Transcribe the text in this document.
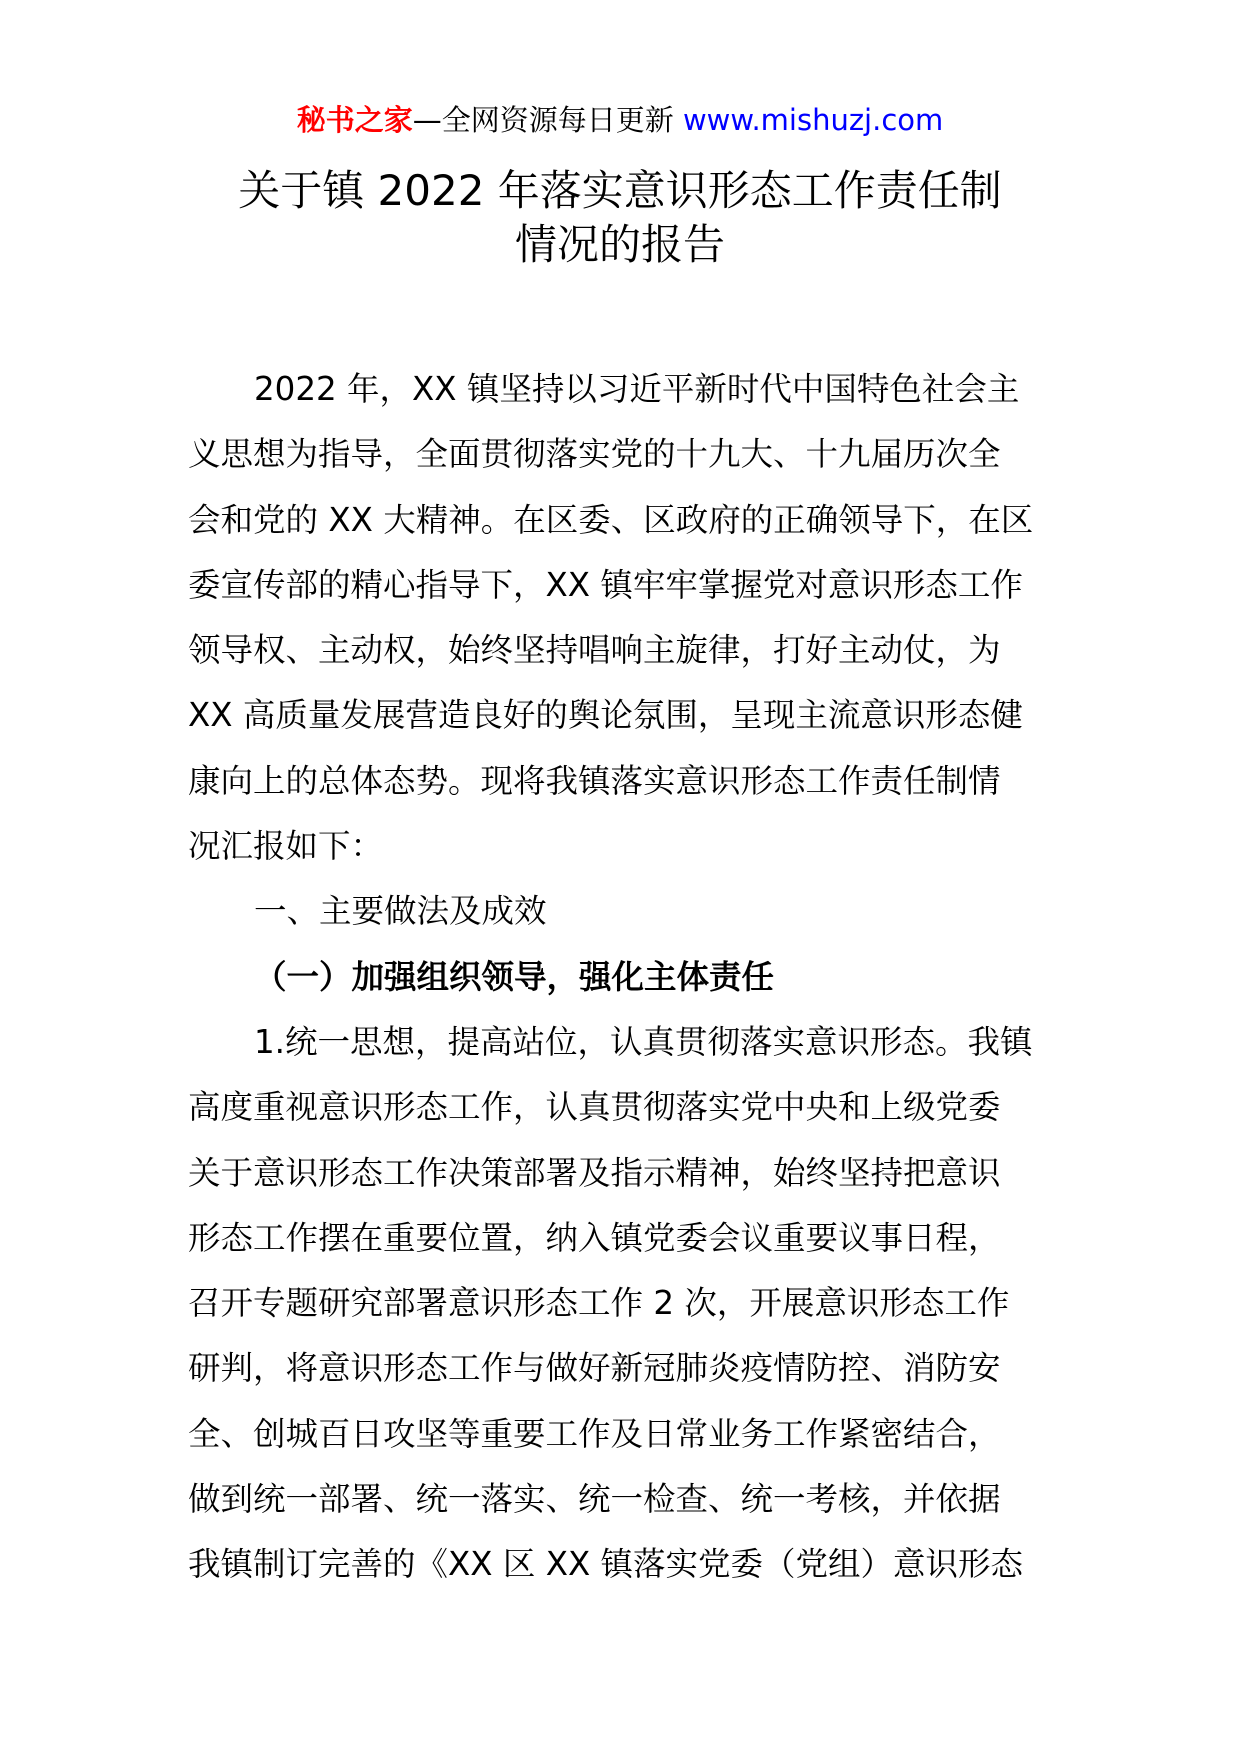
秘书之家—全网资源每日更新 www.mishuzj.com
关于镇 2022 年落实意识形态工作责任制
情况的报告
2022 年，XX 镇坚持以习近平新时代中国特色社会主
义思想为指导，全面贯彻落实党的十九大、十九届历次全
会和党的 XX 大精神。在区委、区政府的正确领导下，在区
委宣传部的精心指导下，XX 镇牢牢掌握党对意识形态工作
领导权、主动权，始终坚持唱响主旋律，打好主动仗，为
XX 高质量发展营造良好的舆论氛围，呈现主流意识形态健
康向上的总体态势。现将我镇落实意识形态工作责任制情
况汇报如下：
一、主要做法及成效
（一）加强组织领导，强化主体责任
1.统一思想，提高站位，认真贯彻落实意识形态。我镇
高度重视意识形态工作，认真贯彻落实党中央和上级党委
关于意识形态工作决策部署及指示精神，始终坚持把意识
形态工作摆在重要位置，纳入镇党委会议重要议事日程，
召开专题研究部署意识形态工作 2 次，开展意识形态工作
研判，将意识形态工作与做好新冠肺炎疫情防控、消防安
全、创城百日攻坚等重要工作及日常业务工作紧密结合，
做到统一部署、统一落实、统一检查、统一考核，并依据
我镇制订完善的《XX 区 XX 镇落实党委（党组）意识形态
